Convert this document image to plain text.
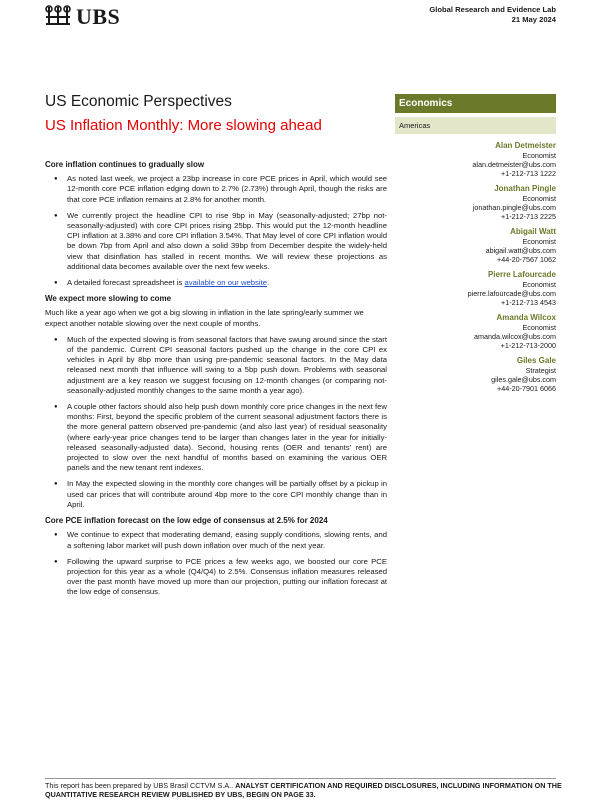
UBS	Global Research and Evidence Lab
21 May 2024
US Economic Perspectives
US Inflation Monthly: More slowing ahead
Economics
Americas
Alan Detmeister
Economist
alan.detmeister@ubs.com
+1-212-713 1222
Jonathan Pingle
Economist
jonathan.pingle@ubs.com
+1-212-713 2225
Abigail Watt
Economist
abigail.watt@ubs.com
+44-20-7567 1062
Pierre Lafourcade
Economist
pierre.lafourcade@ubs.com
+1-212-713 4543
Amanda Wilcox
Economist
amanda.wilcox@ubs.com
+1-212-713-2000
Giles Gale
Strategist
giles.gale@ubs.com
+44-20-7901 6066
Core inflation continues to gradually slow
● As noted last week, we project a 23bp increase in core PCE prices in April, which would see 12-month core PCE inflation edging down to 2.7% (2.73%) through April, though the risks are that core PCE inflation remains at 2.8% for another month.
● We currently project the headline CPI to rise 9bp in May (seasonally-adjusted; 27bp not-seasonally-adjusted) with core CPI prices rising 25bp. This would put the 12-month headline CPI inflation at 3.38% and core CPI inflation 3.54%. That May level of core CPI inflation would be down 7bp from April and also down a solid 39bp from December despite the widely-held view that disinflation has stalled in recent months. We will review these projections as additional data becomes available over the next few weeks.
● A detailed forecast spreadsheet is available on our website.
We expect more slowing to come

Much like a year ago when we got a big slowing in inflation in the late spring/early summer we expect another notable slowing over the next couple of months.

● Much of the expected slowing is from seasonal factors that have swung around since the start of the pandemic. Current CPI seasonal factors pushed up the change in the core CPI ex vehicles in April by 8bp more than using pre-pandemic seasonal factors. In the May data released next month that influence will swing to a 5bp push down. Problems with seasonal adjustment are a key reason we suggest focusing on 12-month changes (or comparing not-seasonally-adjusted monthly changes to the same month a year ago).
● A couple other factors should also help push down monthly core price changes in the next few months: First, beyond the specific problem of the current seasonal adjustment factors there is the more general pattern observed pre-pandemic (and also last year) of residual seasonality (where early-year price changes tend to be larger than changes later in the year for initially-released seasonally-adjusted data). Second, housing rents (OER and tenants' rent) are projected to slow over the next handful of months based on examining the various OER panels and the new tenant rent indexes.
● In May the expected slowing in the monthly core changes will be partially offset by a pickup in used car prices that will contribute around 4bp more to the core CPI monthly change than in April.
Core PCE inflation forecast on the low edge of consensus at 2.5% for 2024
● We continue to expect that moderating demand, easing supply conditions, slowing rents, and a softening labor market will push down inflation over much of the next year.
● Following the upward surprise to PCE prices a few weeks ago, we boosted our core PCE projection for this year as a whole (Q4/Q4) to 2.5%. Consensus inflation measures released over the past month have moved up more than our projection, putting our inflation forecast at the low edge of consensus.
This report has been prepared by UBS Brasil CCTVM S.A.. ANALYST CERTIFICATION AND REQUIRED DISCLOSURES, INCLUDING INFORMATION ON THE QUANTITATIVE RESEARCH REVIEW PUBLISHED BY UBS, BEGIN ON PAGE 33.
